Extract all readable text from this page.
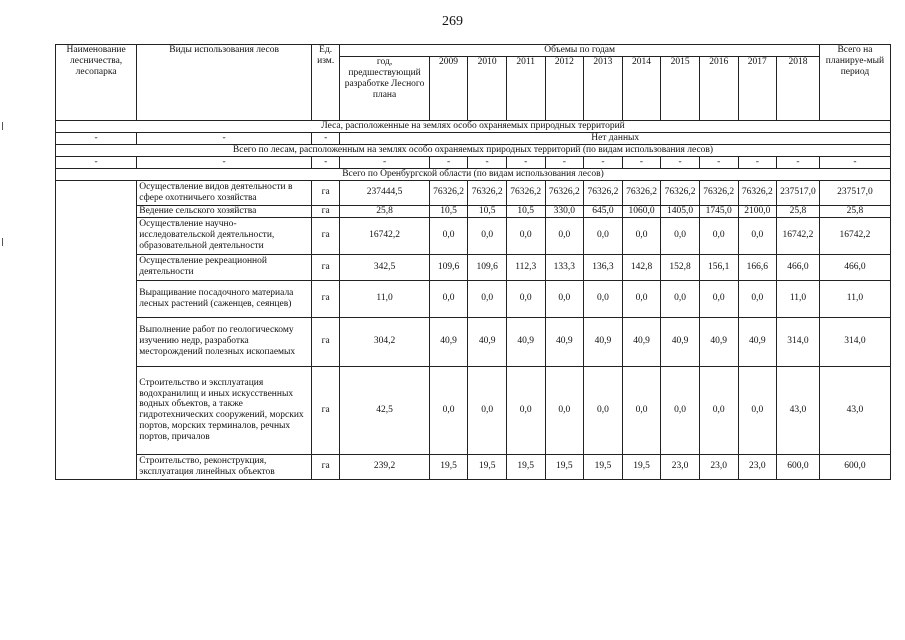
269
Наименование лесничества, лесопарка	Виды использования лесов	Ед. изм.	Объемы по годам											Всего на планируе-мый период
			год, предшествующий разработке Лесного плана	2009	2010	2011	2012	2013	2014	2015	2016	2017	2018	
Леса, расположенные на землях особо охраняемых природных территорий														
-	-	-	Нет данных											
Всего по лесам, расположенным на землях особо охраняемых природных территорий (по видам использования лесов)														
-	-	-	-	-	-	-	-	-	-	-	-	-	-	-
Всего по Оренбургской области (по видам использования лесов)														
	Осуществление видов деятельности в сфере охотничьего хозяйства	га	237444,5	76326,2	76326,2	76326,2	76326,2	76326,2	76326,2	76326,2	76326,2	76326,2	237517,0	237517,0
	Ведение сельского хозяйства	га	25,8	10,5	10,5	10,5	330,0	645,0	1060,0	1405,0	1745,0	2100,0	25,8	25,8
	Осуществление научно-исследовательской деятельности, образовательной деятельности	га	16742,2	0,0	0,0	0,0	0,0	0,0	0,0	0,0	0,0	0,0	16742,2	16742,2
	Осуществление рекреационной деятельности	га	342,5	109,6	109,6	112,3	133,3	136,3	142,8	152,8	156,1	166,6	466,0	466,0
	Выращивание посадочного материала лесных растений (саженцев, сеянцев)	га	11,0	0,0	0,0	0,0	0,0	0,0	0,0	0,0	0,0	0,0	11,0	11,0
	Выполнение работ по геологическому изучению недр, разработка месторождений полезных ископаемых	га	304,2	40,9	40,9	40,9	40,9	40,9	40,9	40,9	40,9	40,9	314,0	314,0
	Строительство и эксплуатация водохранилищ и иных искусственных водных объектов, а также гидротехнических сооружений, морских портов, морских терминалов, речных портов, причалов	га	42,5	0,0	0,0	0,0	0,0	0,0	0,0	0,0	0,0	0,0	43,0	43,0
	Строительство, реконструкция, эксплуатация линейных объектов	га	239,2	19,5	19,5	19,5	19,5	19,5	19,5	23,0	23,0	23,0	600,0	600,0
